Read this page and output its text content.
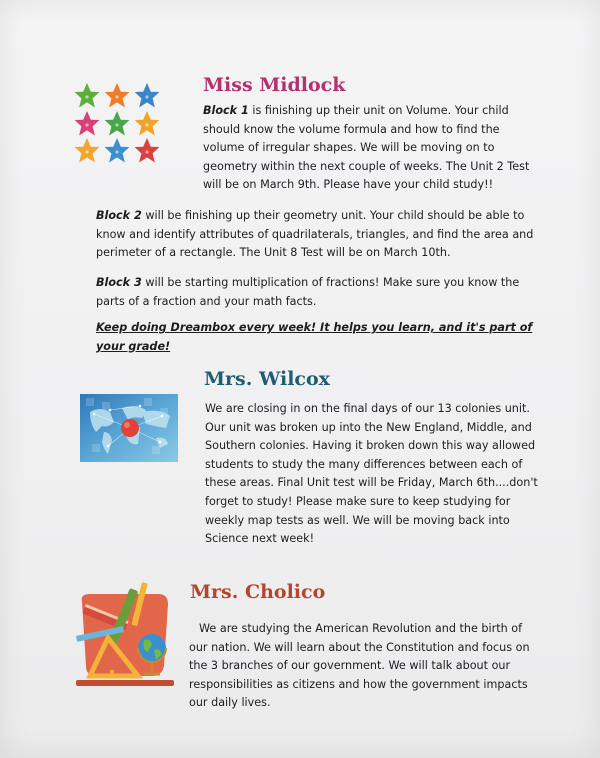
Miss Midlock

Block 1 is finishing up their unit on Volume. Your child should know the volume formula and how to find the volume of irregular shapes. We will be moving on to geometry within the next couple of weeks. The Unit 2 Test will be on March 9th. Please have your child study!!

Block 2 will be finishing up their geometry unit. Your child should be able to know and identify attributes of quadrilaterals, triangles, and find the area and perimeter of a rectangle. The Unit 8 Test will be on March 10th.

Block 3 will be starting multiplication of fractions! Make sure you know the parts of a fraction and your math facts.

Keep doing Dreambox every week! It helps you learn, and it's part of your grade!

Mrs. Wilcox

We are closing in on the final days of our 13 colonies unit. Our unit was broken up into the New England, Middle, and Southern colonies. Having it broken down this way allowed students to study the many differences between each of these areas. Final Unit test will be Friday, March 6th....don't forget to study! Please make sure to keep studying for weekly map tests as well. We will be moving back into Science next week!

Mrs. Cholico

We are studying the American Revolution and the birth of our nation. We will learn about the Constitution and focus on the 3 branches of our government. We will talk about our responsibilities as citizens and how the government impacts our daily lives.
